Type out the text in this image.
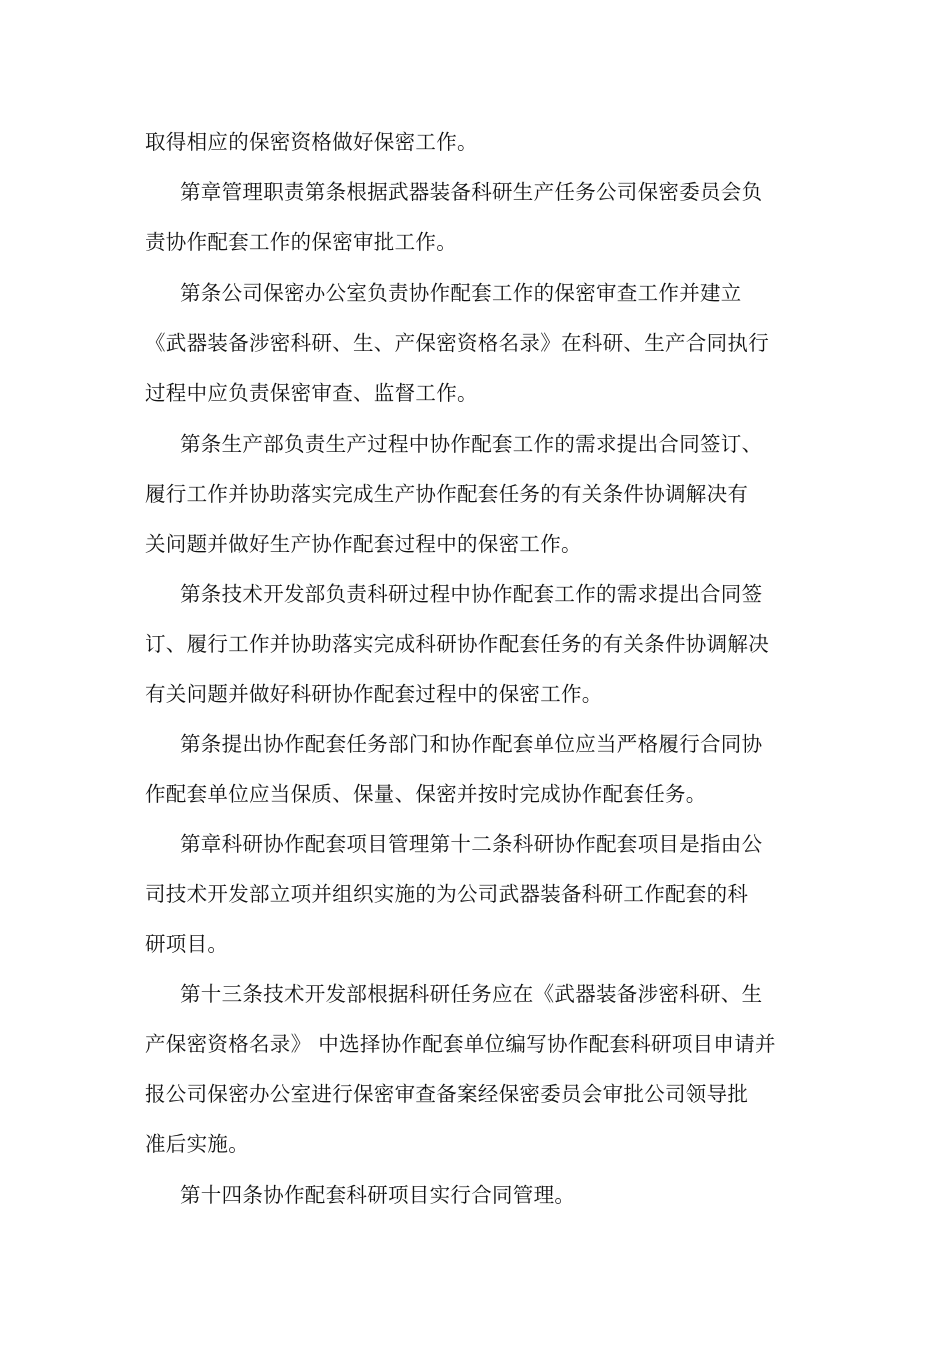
取得相应的保密资格做好保密工作。
第章管理职责第条根据武器装备科研生产任务公司保密委员会负
责协作配套工作的保密审批工作。
第条公司保密办公室负责协作配套工作的保密审查工作并建立
《武器装备涉密科研、生、产保密资格名录》在科研、生产合同执行
过程中应负责保密审查、监督工作。
第条生产部负责生产过程中协作配套工作的需求提出合同签订、
履行工作并协助落实完成生产协作配套任务的有关条件协调解决有
关问题并做好生产协作配套过程中的保密工作。
第条技术开发部负责科研过程中协作配套工作的需求提出合同签
订、履行工作并协助落实完成科研协作配套任务的有关条件协调解决
有关问题并做好科研协作配套过程中的保密工作。
第条提出协作配套任务部门和协作配套单位应当严格履行合同协
作配套单位应当保质、保量、保密并按时完成协作配套任务。
第章科研协作配套项目管理第十二条科研协作配套项目是指由公
司技术开发部立项并组织实施的为公司武器装备科研工作配套的科
研项目。
第十三条技术开发部根据科研任务应在《武器装备涉密科研、生
产保密资格名录》 中选择协作配套单位编写协作配套科研项目申请并
报公司保密办公室进行保密审查备案经保密委员会审批公司领导批
准后实施。
第十四条协作配套科研项目实行合同管理。
